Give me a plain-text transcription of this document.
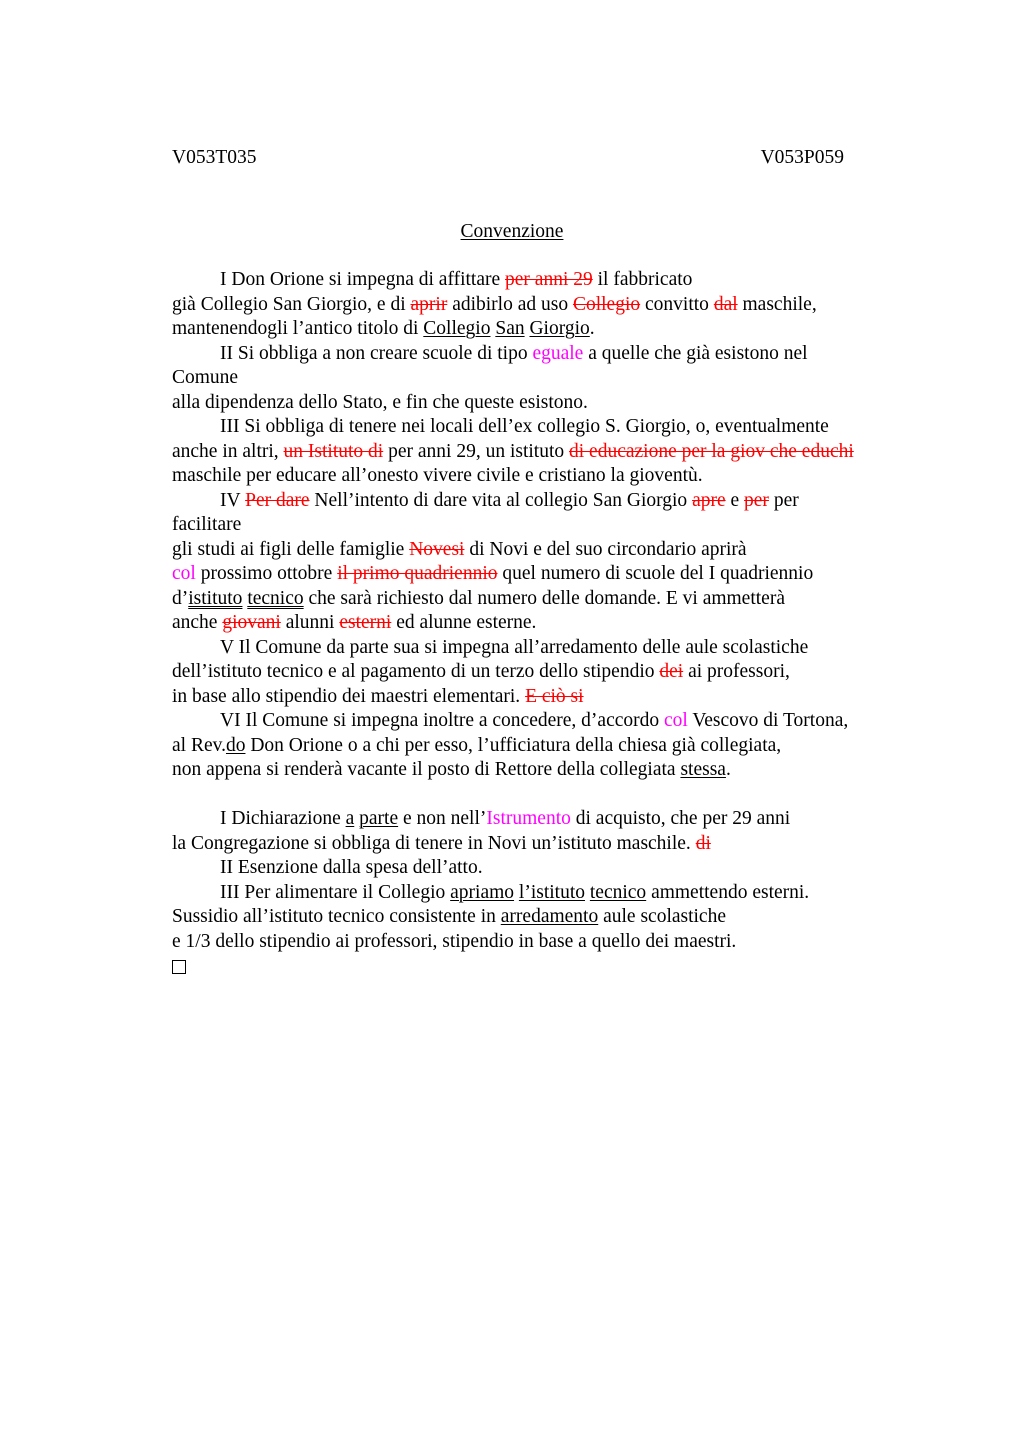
V053T035	V053P059
Convenzione
I Don Orione si impegna di affittare per anni 29 il fabbricato
già Collegio San Giorgio, e di aprir adibirlo ad uso Collegio convitto dal maschile,
mantenendogli l’antico titolo di Collegio San Giorgio.
II Si obbliga a non creare scuole di tipo eguale a quelle che già esistono nel
Comune
alla dipendenza dello Stato, e fin che queste esistono.
III Si obbliga di tenere nei locali dell’ex collegio S. Giorgio, o, eventualmente
anche in altri, un Istituto di per anni 29, un istituto di educazione per la giov che educhi
maschile per educare all’onesto vivere civile e cristiano la gioventù.
IV Per dare Nell’intento di dare vita al collegio San Giorgio apre e per per
facilitare
gli studi ai figli delle famiglie Novesi di Novi e del suo circondario aprirà
col prossimo ottobre il primo quadriennio quel numero di scuole del I quadriennio
d’istituto tecnico che sarà richiesto dal numero delle domande. E vi ammetterà
anche giovani alunni esterni ed alunne esterne.
V Il Comune da parte sua si impegna all’arredamento delle aule scolastiche
dell’istituto tecnico e al pagamento di un terzo dello stipendio dei ai professori,
in base allo stipendio dei maestri elementari. E ciò si
VI Il Comune si impegna inoltre a concedere, d’accordo col Vescovo di Tortona,
al Rev.do Don Orione o a chi per esso, l’ufficiatura della chiesa già collegiata,
non appena si renderà vacante il posto di Rettore della collegiata stessa.
I Dichiarazione a parte e non nell’Istrumento di acquisto, che per 29 anni
la Congregazione si obbliga di tenere in Novi un’istituto maschile. di
II Esenzione dalla spesa dell’atto.
III Per alimentare il Collegio apriamo l’istituto tecnico ammettendo esterni.
Sussidio all’istituto tecnico consistente in arredamento aule scolastiche
e 1/3 dello stipendio ai professori, stipendio in base a quello dei maestri.
